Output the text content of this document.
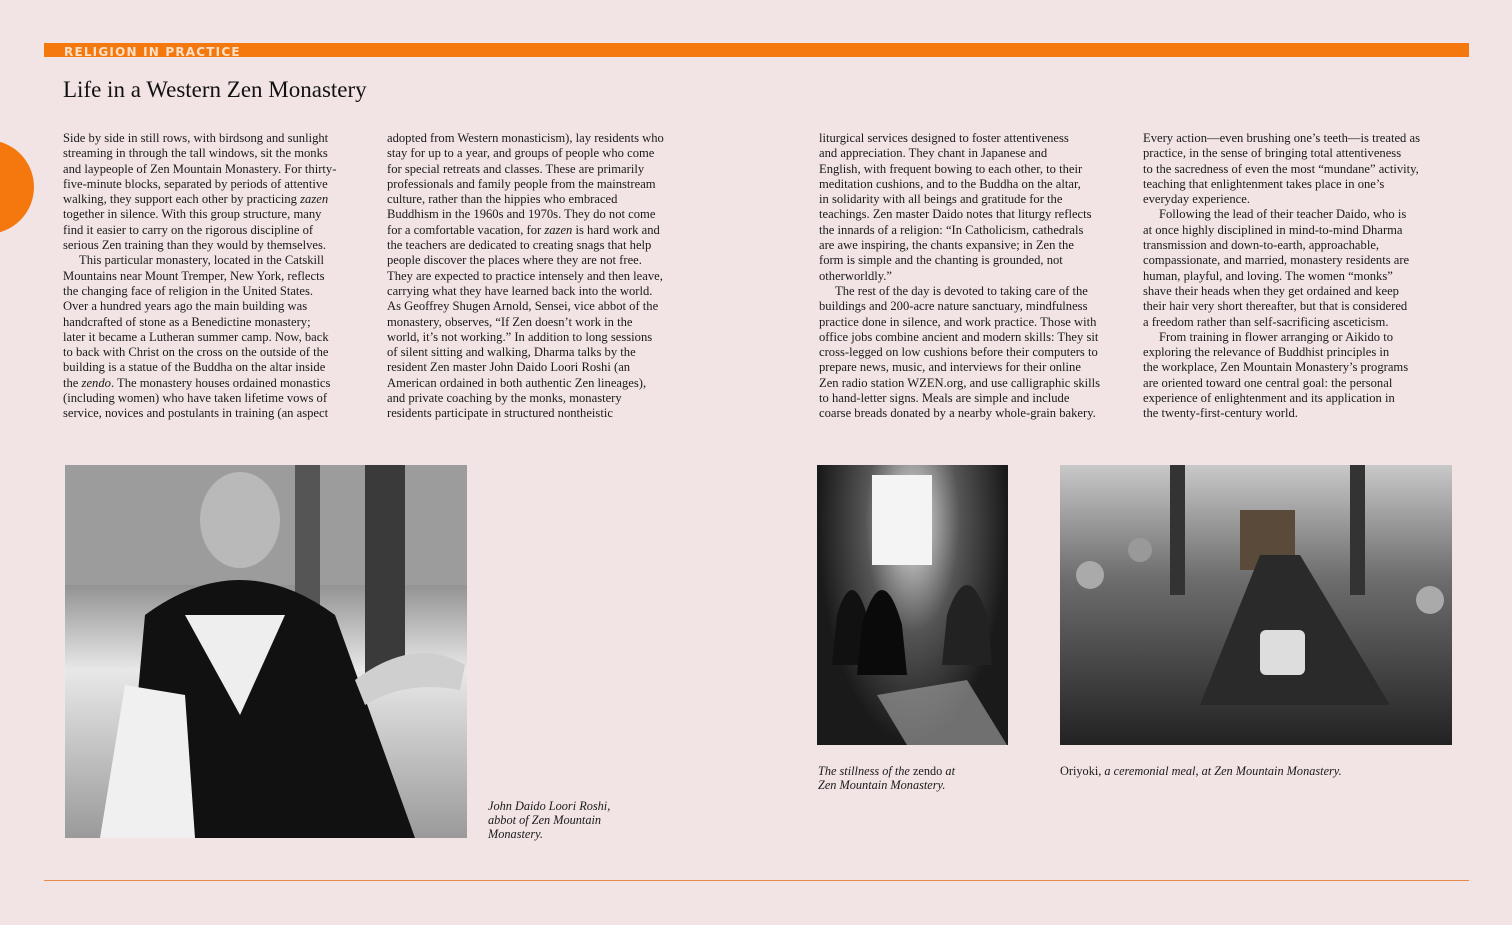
RELIGION IN PRACTICE
Life in a Western Zen Monastery
Side by side in still rows, with birdsong and sunlight
streaming in through the tall windows, sit the monks
and laypeople of Zen Mountain Monastery. For thirty-
five-minute blocks, separated by periods of attentive
walking, they support each other by practicing zazen
together in silence. With this group structure, many
find it easier to carry on the rigorous discipline of
serious Zen training than they would by themselves.
This particular monastery, located in the Catskill
Mountains near Mount Tremper, New York, reflects
the changing face of religion in the United States.
Over a hundred years ago the main building was
handcrafted of stone as a Benedictine monastery;
later it became a Lutheran summer camp. Now, back
to back with Christ on the cross on the outside of the
building is a statue of the Buddha on the altar inside
the zendo. The monastery houses ordained monastics
(including women) who have taken lifetime vows of
service, novices and postulants in training (an aspect
adopted from Western monasticism), lay residents who
stay for up to a year, and groups of people who come
for special retreats and classes. These are primarily
professionals and family people from the mainstream
culture, rather than the hippies who embraced
Buddhism in the 1960s and 1970s. They do not come
for a comfortable vacation, for zazen is hard work and
the teachers are dedicated to creating snags that help
people discover the places where they are not free.
They are expected to practice intensely and then leave,
carrying what they have learned back into the world.
As Geoffrey Shugen Arnold, Sensei, vice abbot of the
monastery, observes, “If Zen doesn’t work in the
world, it’s not working.” In addition to long sessions
of silent sitting and walking, Dharma talks by the
resident Zen master John Daido Loori Roshi (an
American ordained in both authentic Zen lineages),
and private coaching by the monks, monastery
residents participate in structured nontheistic
liturgical services designed to foster attentiveness
and appreciation. They chant in Japanese and
English, with frequent bowing to each other, to their
meditation cushions, and to the Buddha on the altar,
in solidarity with all beings and gratitude for the
teachings. Zen master Daido notes that liturgy reflects
the innards of a religion: “In Catholicism, cathedrals
are awe inspiring, the chants expansive; in Zen the
form is simple and the chanting is grounded, not
otherworldly.”
The rest of the day is devoted to taking care of the
buildings and 200-acre nature sanctuary, mindfulness
practice done in silence, and work practice. Those with
office jobs combine ancient and modern skills: They sit
cross-legged on low cushions before their computers to
prepare news, music, and interviews for their online
Zen radio station WZEN.org, and use calligraphic skills
to hand-letter signs. Meals are simple and include
coarse breads donated by a nearby whole-grain bakery.
Every action—even brushing one’s teeth—is treated as
practice, in the sense of bringing total attentiveness
to the sacredness of even the most “mundane” activity,
teaching that enlightenment takes place in one’s
everyday experience.
Following the lead of their teacher Daido, who is
at once highly disciplined in mind-to-mind Dharma
transmission and down-to-earth, approachable,
compassionate, and married, monastery residents are
human, playful, and loving. The women “monks”
shave their heads when they get ordained and keep
their hair very short thereafter, but that is considered
a freedom rather than self-sacrificing asceticism.
From training in flower arranging or Aikido to
exploring the relevance of Buddhist principles in
the workplace, Zen Mountain Monastery’s programs
are oriented toward one central goal: the personal
experience of enlightenment and its application in
the twenty-first-century world.
John Daido Loori Roshi,
abbot of Zen Mountain
Monastery.
The stillness of the zendo at
Zen Mountain Monastery.
Oriyoki, a ceremonial meal, at Zen Mountain Monastery.
